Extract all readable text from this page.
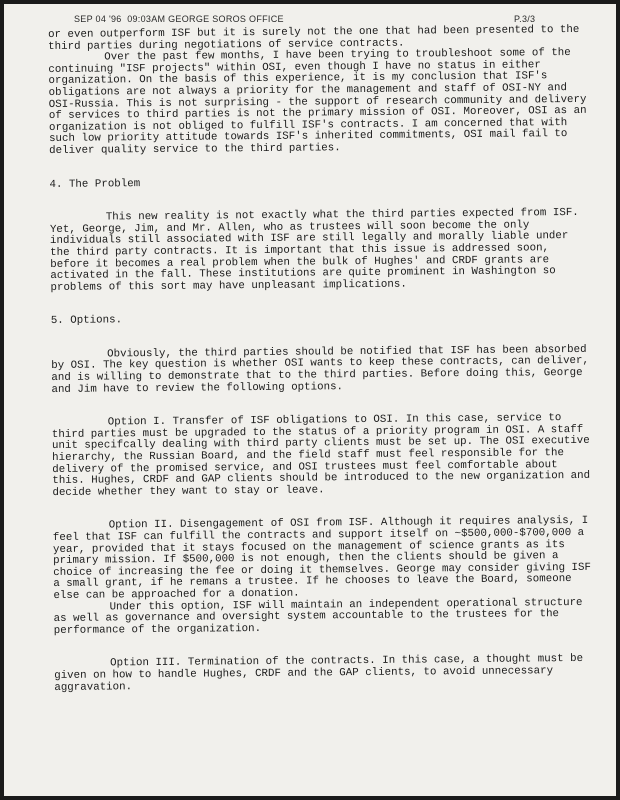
SEP 04 '96  09:03AM GEORGE SOROS OFFICE	P.3/3

or even outperform ISF but it is surely not the one that had been presented to the third parties during negotiations of service contracts.

Over the past few months, I have been trying to troubleshoot some of the continuing "ISF projects" within OSI, even though I have no status in either organization. On the basis of this experience, it is my conclusion that ISF's obligations are not always a priority for the management and staff of OSI-NY and OSI-Russia. This is not surprising - the support of research community and delivery of services to third parties is not the primary mission of OSI. Moreover, OSI as an organization is not obliged to fulfill ISF's contracts. I am concerned that with such low priority attitude towards ISF's inherited commitments, OSI mail fail to deliver quality service to the third parties.

4. The Problem

This new reality is not exactly what the third parties expected from ISF. Yet, George, Jim, and Mr. Allen, who as trustees will soon become the only individuals still associated with ISF are still legally and morally liable under the third party contracts. It is important that this issue is addressed soon, before it becomes a real problem when the bulk of Hughes' and CRDF grants are activated in the fall. These institutions are quite prominent in Washington so problems of this sort may have unpleasant implications.

5. Options.

Obviously, the third parties should be notified that ISF has been absorbed by OSI. The key question is whether OSI wants to keep these contracts, can deliver, and is willing to demonstrate that to the third parties. Before doing this, George and Jim have to review the following options.

Option I. Transfer of ISF obligations to OSI. In this case, service to third parties must be upgraded to the status of a priority program in OSI. A staff unit specifcally dealing with third party clients must be set up. The OSI executive hierarchy, the Russian Board, and the field staff must feel responsible for the delivery of the promised service, and OSI trustees must feel comfortable about this. Hughes, CRDF and GAP clients should be introduced to the new organization and decide whether they want to stay or leave.

Option II. Disengagement of OSI from ISF. Although it requires analysis, I feel that ISF can fulfill the contracts and support itself on ~$500,000-$700,000 a year, provided that it stays focused on the management of science grants as its primary mission. If $500,000 is not enough, then the clients should be given a choice of increasing the fee or doing it themselves. George may consider giving ISF a small grant, if he remans a trustee. If he chooses to leave the Board, someone else can be approached for a donation.

Under this option, ISF will maintain an independent operational structure as well as governance and oversight system accountable to the trustees for the performance of the organization.

Option III. Termination of the contracts. In this case, a thought must be given on how to handle Hughes, CRDF and the GAP clients, to avoid unnecessary aggravation.
